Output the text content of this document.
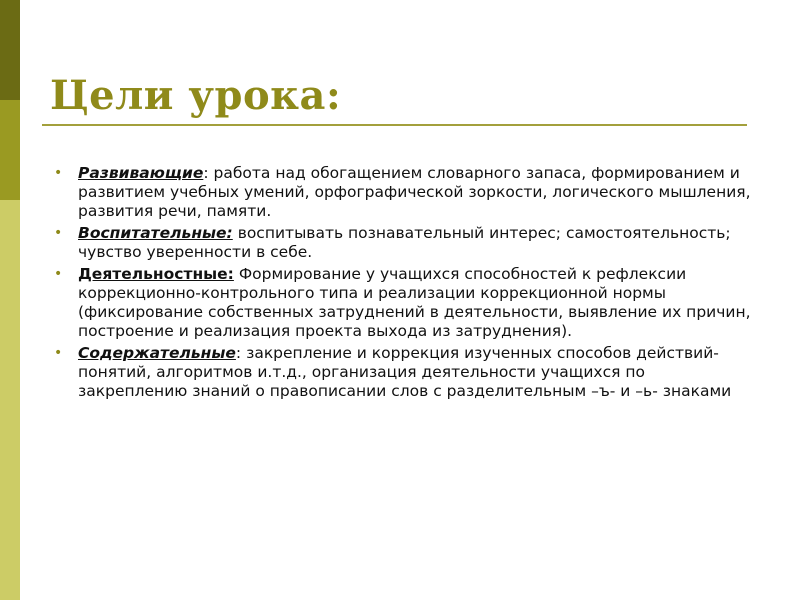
Цели урока:
•	Развивающие: работа над обогащением словарного запаса, формированием и развитием учебных умений, орфографической зоркости, логического мышления, развития речи, памяти.
•	Воспитательные: воспитывать познавательный интерес; самостоятельность; чувство уверенности в себе.
•	Деятельностные: Формирование у учащихся способностей к рефлексии коррекционно-контрольного типа и реализации коррекционной нормы (фиксирование собственных затруднений в деятельности, выявление их причин, построение и реализация проекта выхода из затруднения).
•	Содержательные: закрепление и коррекция изученных способов действий-понятий, алгоритмов и.т.д., организация деятельности учащихся по закреплению знаний о правописании слов с разделительным –ъ- и –ь- знаками
